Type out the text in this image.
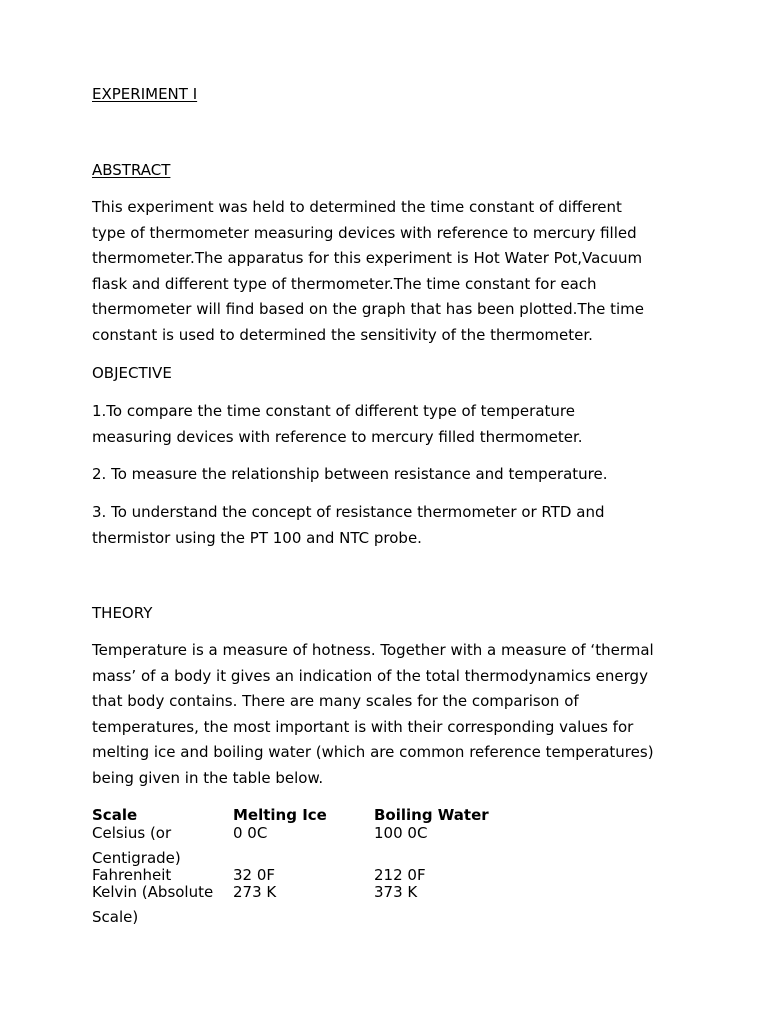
EXPERIMENT I
ABSTRACT
This experiment was held to determined the time constant of different
type of thermometer measuring devices with reference to mercury filled
thermometer.The apparatus for this experiment is Hot Water Pot,Vacuum
flask and different type of thermometer.The time constant for each
thermometer will find based on the graph that has been plotted.The time
constant is used to determined the sensitivity of the thermometer.
OBJECTIVE
1.To compare the time constant of different type of temperature
measuring devices with reference to mercury filled thermometer.
2. To measure the relationship between resistance and temperature.
3. To understand the concept of resistance thermometer or RTD and
thermistor using the PT 100 and NTC probe.
THEORY
Temperature is a measure of hotness. Together with a measure of ‘thermal
mass’ of a body it gives an indication of the total thermodynamics energy
that body contains. There are many scales for the comparison of
temperatures, the most important is with their corresponding values for
melting ice and boiling water (which are common reference temperatures)
being given in the table below.
Scale	Melting Ice	Boiling Water
Celsius (or
Centigrade)	0 0C	100 0C
Fahrenheit	32 0F	212 0F
Kelvin (Absolute
Scale)	273 K	373 K
